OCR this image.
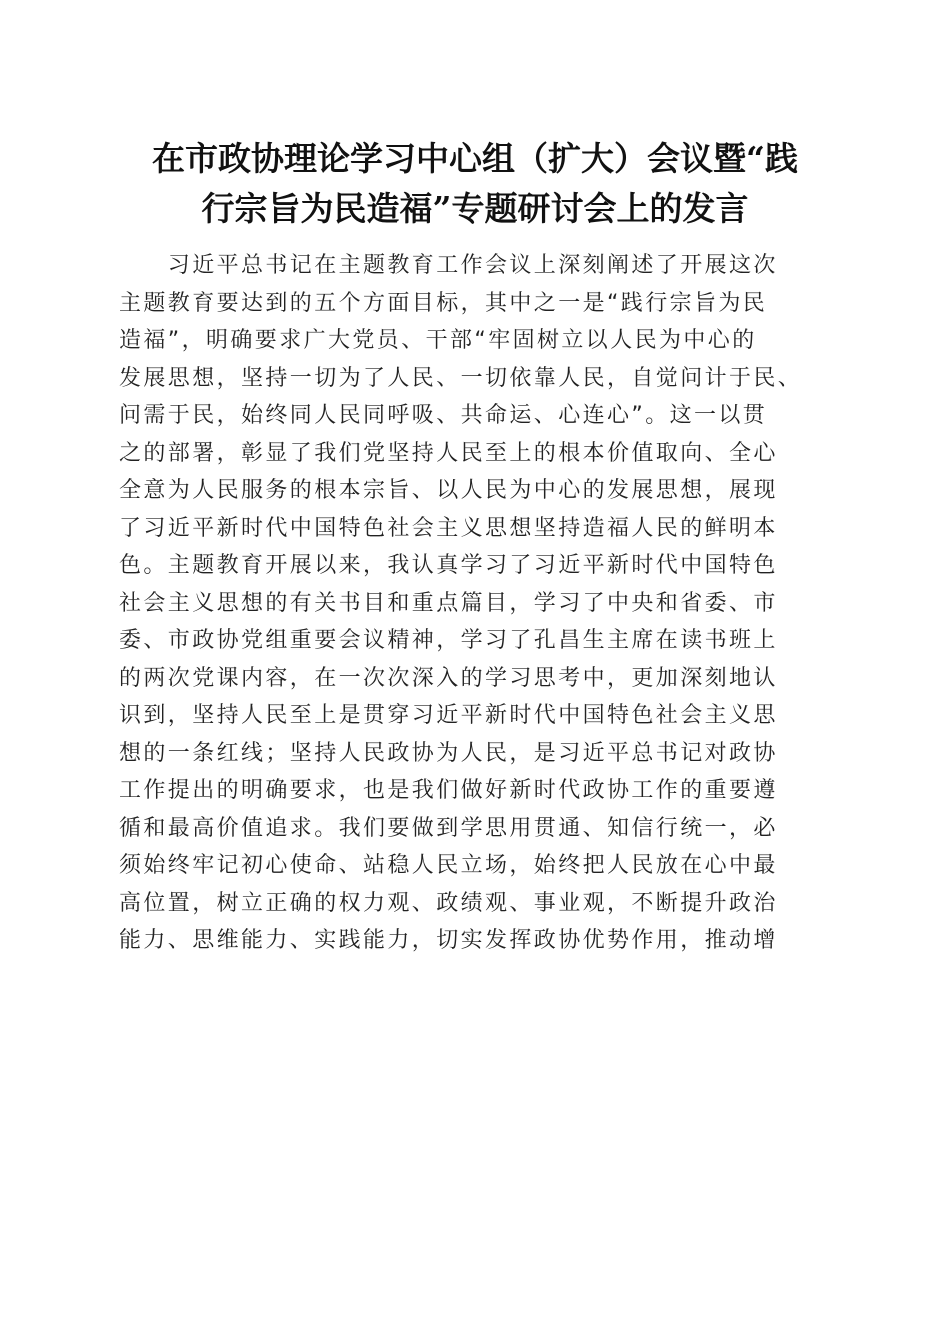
在市政协理论学习中心组（扩大）会议暨“践
行宗旨为民造福”专题研讨会上的发言
　　习近平总书记在主题教育工作会议上深刻阐述了开展这次
主题教育要达到的五个方面目标，其中之一是“践行宗旨为民
造福”，明确要求广大党员、干部“牢固树立以人民为中心的
发展思想，坚持一切为了人民、一切依靠人民，自觉问计于民、
问需于民，始终同人民同呼吸、共命运、心连心”。这一以贯
之的部署，彰显了我们党坚持人民至上的根本价值取向、全心
全意为人民服务的根本宗旨、以人民为中心的发展思想，展现
了习近平新时代中国特色社会主义思想坚持造福人民的鲜明本
色。主题教育开展以来，我认真学习了习近平新时代中国特色
社会主义思想的有关书目和重点篇目，学习了中央和省委、市
委、市政协党组重要会议精神，学习了孔昌生主席在读书班上
的两次党课内容，在一次次深入的学习思考中，更加深刻地认
识到，坚持人民至上是贯穿习近平新时代中国特色社会主义思
想的一条红线；坚持人民政协为人民，是习近平总书记对政协
工作提出的明确要求，也是我们做好新时代政协工作的重要遵
循和最高价值追求。我们要做到学思用贯通、知信行统一，必
须始终牢记初心使命、站稳人民立场，始终把人民放在心中最
高位置，树立正确的权力观、政绩观、事业观，不断提升政治
能力、思维能力、实践能力，切实发挥政协优势作用，推动增
